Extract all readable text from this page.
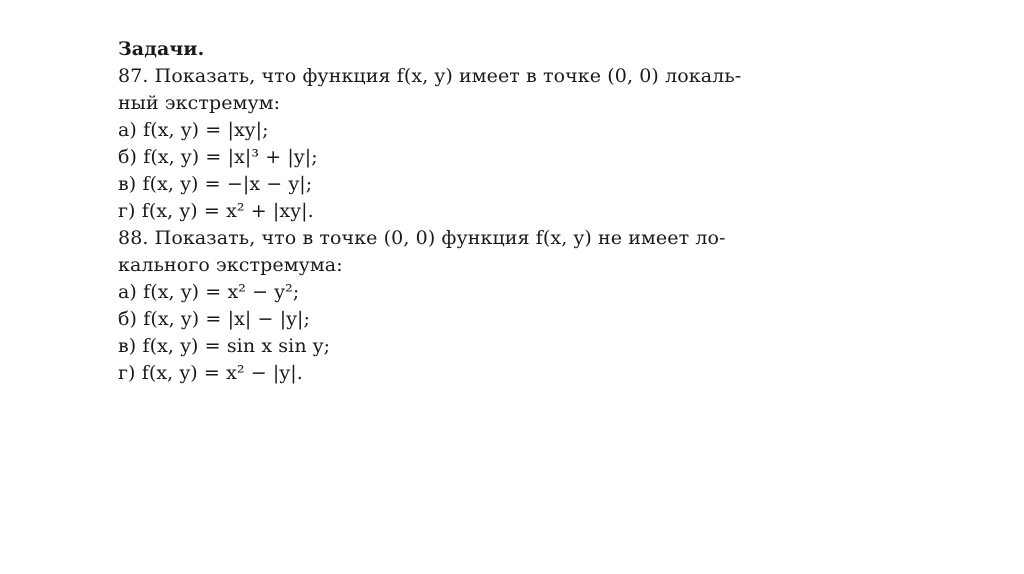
Задачи.
87. Показать, что функция f(x, y) имеет в точке (0, 0) локаль-
ный экстремум:
а) f(x, y) = |xy|;
б) f(x, y) = |x|³ + |y|;
в) f(x, y) = −|x − y|;
г) f(x, y) = x² + |xy|.
88. Показать, что в точке (0, 0) функция f(x, y) не имеет ло-
кального экстремума:
а) f(x, y) = x² − y²;
б) f(x, y) = |x| − |y|;
в) f(x, y) = sin x sin y;
г) f(x, y) = x² − |y|.
